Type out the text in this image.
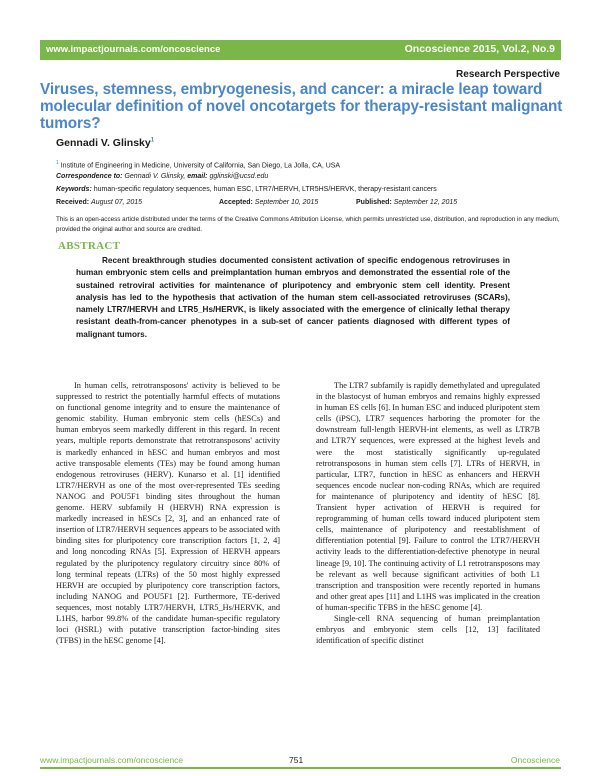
www.impactjournals.com/oncoscience	Oncoscience 2015, Vol.2, No.9
Research Perspective
Viruses, stemness, embryogenesis, and cancer: a miracle leap toward molecular definition of novel oncotargets for therapy-resistant malignant tumors?
Gennadi V. Glinsky$^1$
$^1$ Institute of Engineering in Medicine, University of California, San Diego, La Jolla, CA, USA
Correspondence to: Gennadi V. Glinsky, email: gglinski@ucsd.edu
Keywords: human-specific regulatory sequences, human ESC, LTR7/HERVH, LTR5HS/HERVK, therapy-resistant cancers
Received: August 07, 2015	Accepted: September 10, 2015	Published: September 12, 2015
This is an open-access article distributed under the terms of the Creative Commons Attribution License, which permits unrestricted use, distribution, and reproduction in any medium, provided the original author and source are credited.
ABSTRACT
Recent breakthrough studies documented consistent activation of specific endogenous retroviruses in human embryonic stem cells and preimplantation human embryos and demonstrated the essential role of the sustained retroviral activities for maintenance of pluripotency and embryonic stem cell identity. Present analysis has led to the hypothesis that activation of the human stem cell-associated retroviruses (SCARs), namely LTR7/HERVH and LTR5_Hs/HERVK, is likely associated with the emergence of clinically lethal therapy resistant death-from-cancer phenotypes in a sub-set of cancer patients diagnosed with different types of malignant tumors.

In human cells, retrotransposons' activity is believed to be suppressed to restrict the potentially harmful effects of mutations on functional genome integrity and to ensure the maintenance of genomic stability. Human embryonic stem cells (hESCs) and human embryos seem markedly different in this regard. In recent years, multiple reports demonstrate that retrotransposons' activity is markedly enhanced in hESC and human embryos and most active transposable elements (TEs) may be found among human endogenous retroviruses (HERV). Kunarso et al. [1] identified LTR7/HERVH as one of the most over-represented TEs seeding NANOG and POU5F1 binding sites throughout the human genome. HERV subfamily H (HERVH) RNA expression is markedly increased in hESCs [2, 3], and an enhanced rate of insertion of LTR7/HERVH sequences appears to be associated with binding sites for pluripotency core transcription factors [1, 2, 4] and long noncoding RNAs [5]. Expression of HERVH appears regulated by the pluripotency regulatory circuitry since 80% of long terminal repeats (LTRs) of the 50 most highly expressed HERVH are occupied by pluripotency core transcription factors, including NANOG and POU5F1 [2]. Furthermore, TE-derived sequences, most notably LTR7/HERVH, LTR5_Hs/HERVK, and L1HS, harbor 99.8% of the candidate human-specific regulatory loci (HSRL) with putative transcription factor-binding sites (TFBS) in the hESC genome [4].

The LTR7 subfamily is rapidly demethylated and upregulated in the blastocyst of human embryos and remains highly expressed in human ES cells [6]. In human ESC and induced pluripotent stem cells (iPSC), LTR7 sequences harboring the promoter for the downstream full-length HERVH-int elements, as well as LTR7B and LTR7Y sequences, were expressed at the highest levels and were the most statistically significantly up-regulated retrotransposons in human stem cells [7]. LTRs of HERVH, in particular, LTR7, function in hESC as enhancers and HERVH sequences encode nuclear non-coding RNAs, which are required for maintenance of pluripotency and identity of hESC [8]. Transient hyper activation of HERVH is required for reprogramming of human cells toward induced pluripotent stem cells, maintenance of pluripotency and reestablishment of differentiation potential [9]. Failure to control the LTR7/HERVH activity leads to the differentiation-defective phenotype in neural lineage [9, 10]. The continuing activity of L1 retrotransposons may be relevant as well because significant activities of both L1 transcription and transposition were recently reported in humans and other great apes [11] and L1HS was implicated in the creation of human-specific TFBS in the hESC genome [4].

Single-cell RNA sequencing of human preimplantation embryos and embryonic stem cells [12, 13] facilitated identification of specific distinct

www.impactjournals.com/oncoscience	751	Oncoscience
